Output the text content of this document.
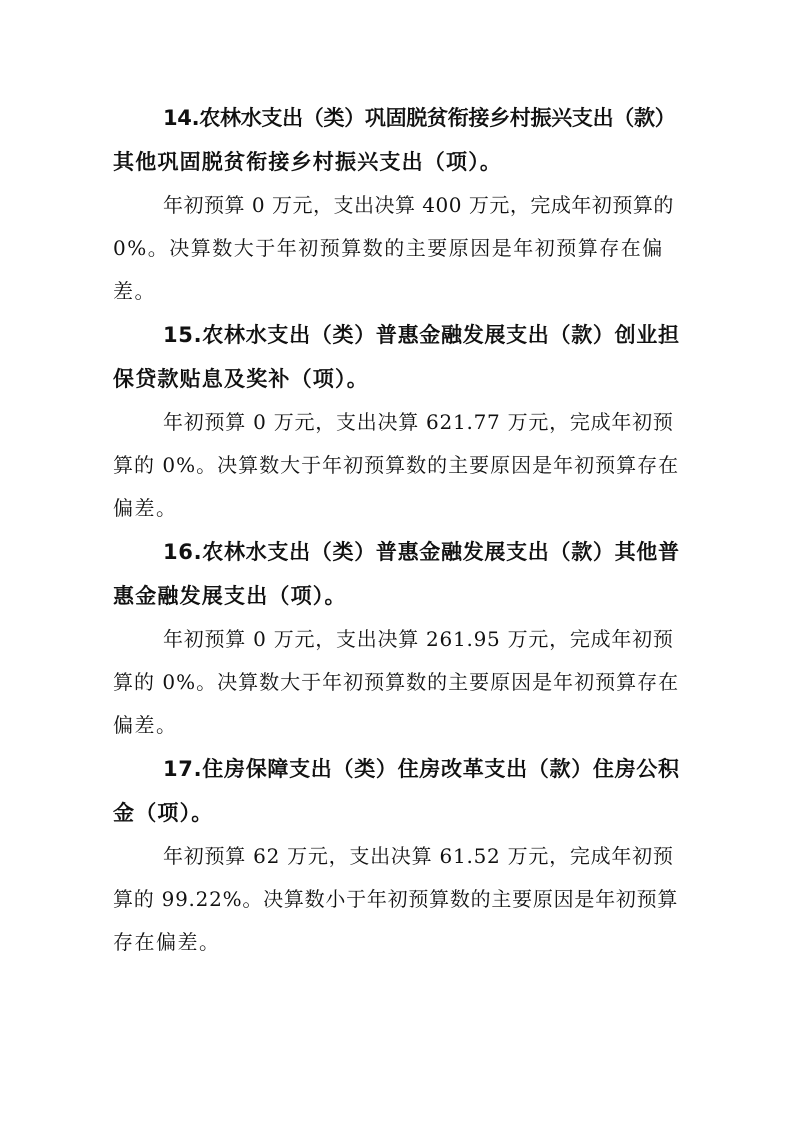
14.农林水支出（类）巩固脱贫衔接乡村振兴支出（款）
其他巩固脱贫衔接乡村振兴支出（项）。
年初预算 0 万元，支出决算 400 万元，完成年初预算的
0%。决算数大于年初预算数的主要原因是年初预算存在偏
差。
15.农林水支出（类）普惠金融发展支出（款）创业担
保贷款贴息及奖补（项）。
年初预算 0 万元，支出决算 621.77 万元，完成年初预
算的 0%。决算数大于年初预算数的主要原因是年初预算存在
偏差。
16.农林水支出（类）普惠金融发展支出（款）其他普
惠金融发展支出（项）。
年初预算 0 万元，支出决算 261.95 万元，完成年初预
算的 0%。决算数大于年初预算数的主要原因是年初预算存在
偏差。
17.住房保障支出（类）住房改革支出（款）住房公积
金（项）。
年初预算 62 万元，支出决算 61.52 万元，完成年初预
算的 99.22%。决算数小于年初预算数的主要原因是年初预算
存在偏差。
